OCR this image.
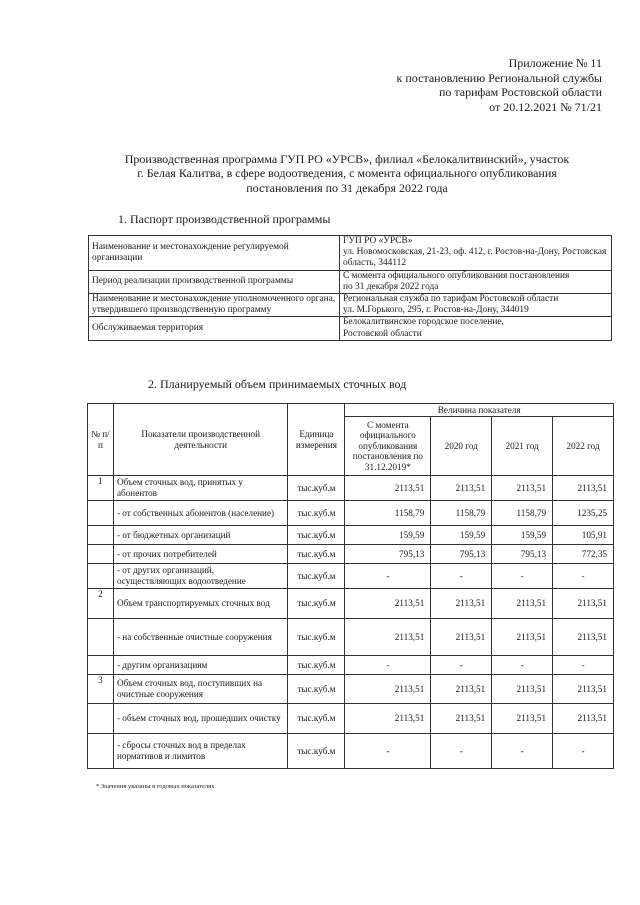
Приложение № 11
к постановлению Региональной службы
по тарифам Ростовской области
от 20.12.2021 № 71/21
Производственная программа ГУП РО «УРСВ», филиал «Белокалитвинский», участок
г. Белая Калитва, в сфере водоотведения, с момента официального опубликования
постановления по 31 декабря 2022 года
1. Паспорт производственной программы
Наименование и местонахождение регулируемой организации	ГУП РО «УРСВ»
ул. Новомосковская, 21-23, оф. 412, г. Ростов-на-Дону, Ростовская область, 344112

Период реализации производственной программы	С момента официального опубликования постановления
по 31 декабря 2022 года

Наименование и местонахождение уполномоченного органа, утвердившего производственную программу	Региональная служба по тарифам Ростовской области
ул. М.Горького, 295, г. Ростов-на-Дону, 344019

Обслуживаемая территория	Белокалитвинское городское поселение,
Ростовской области
2. Планируемый объем принимаемых сточных вод
№ п/п	Показатели производственной деятельности	Единица измерения	Величина показателя			
			С момента официального опубликования постановления по 31.12.2019*	2020 год	2021 год	2022 год
1	Объем сточных вод, принятых у абонентов	тыс.куб.м	2113,51	2113,51	2113,51	2113,51
	- от собственных абонентов (население)	тыс.куб.м	1158,79	1158,79	1158,79	1235,25
	- от бюджетных организаций	тыс.куб.м	159,59	159,59	159,59	105,91
	- от прочих потребителей	тыс.куб.м	795,13	795,13	795,13	772,35
	- от других организаций, осуществляющих водоотведение	тыс.куб.м	-	-	-	-
2	Объем транспортируемых сточных вод	тыс.куб.м	2113,51	2113,51	2113,51	2113,51
	- на собственные очистные сооружения	тыс.куб.м	2113,51	2113,51	2113,51	2113,51
	- другим организациям	тыс.куб.м	-	-	-	-
3	Объем сточных вод, поступивших на очистные сооружения	тыс.куб.м	2113,51	2113,51	2113,51	2113,51
	- объем сточных вод, прошедших очистку	тыс.куб.м	2113,51	2113,51	2113,51	2113,51
	- сбросы сточных вод в пределах нормативов и лимитов	тыс.куб.м	-	-	-	-
* Значения указаны в годовых показателях
